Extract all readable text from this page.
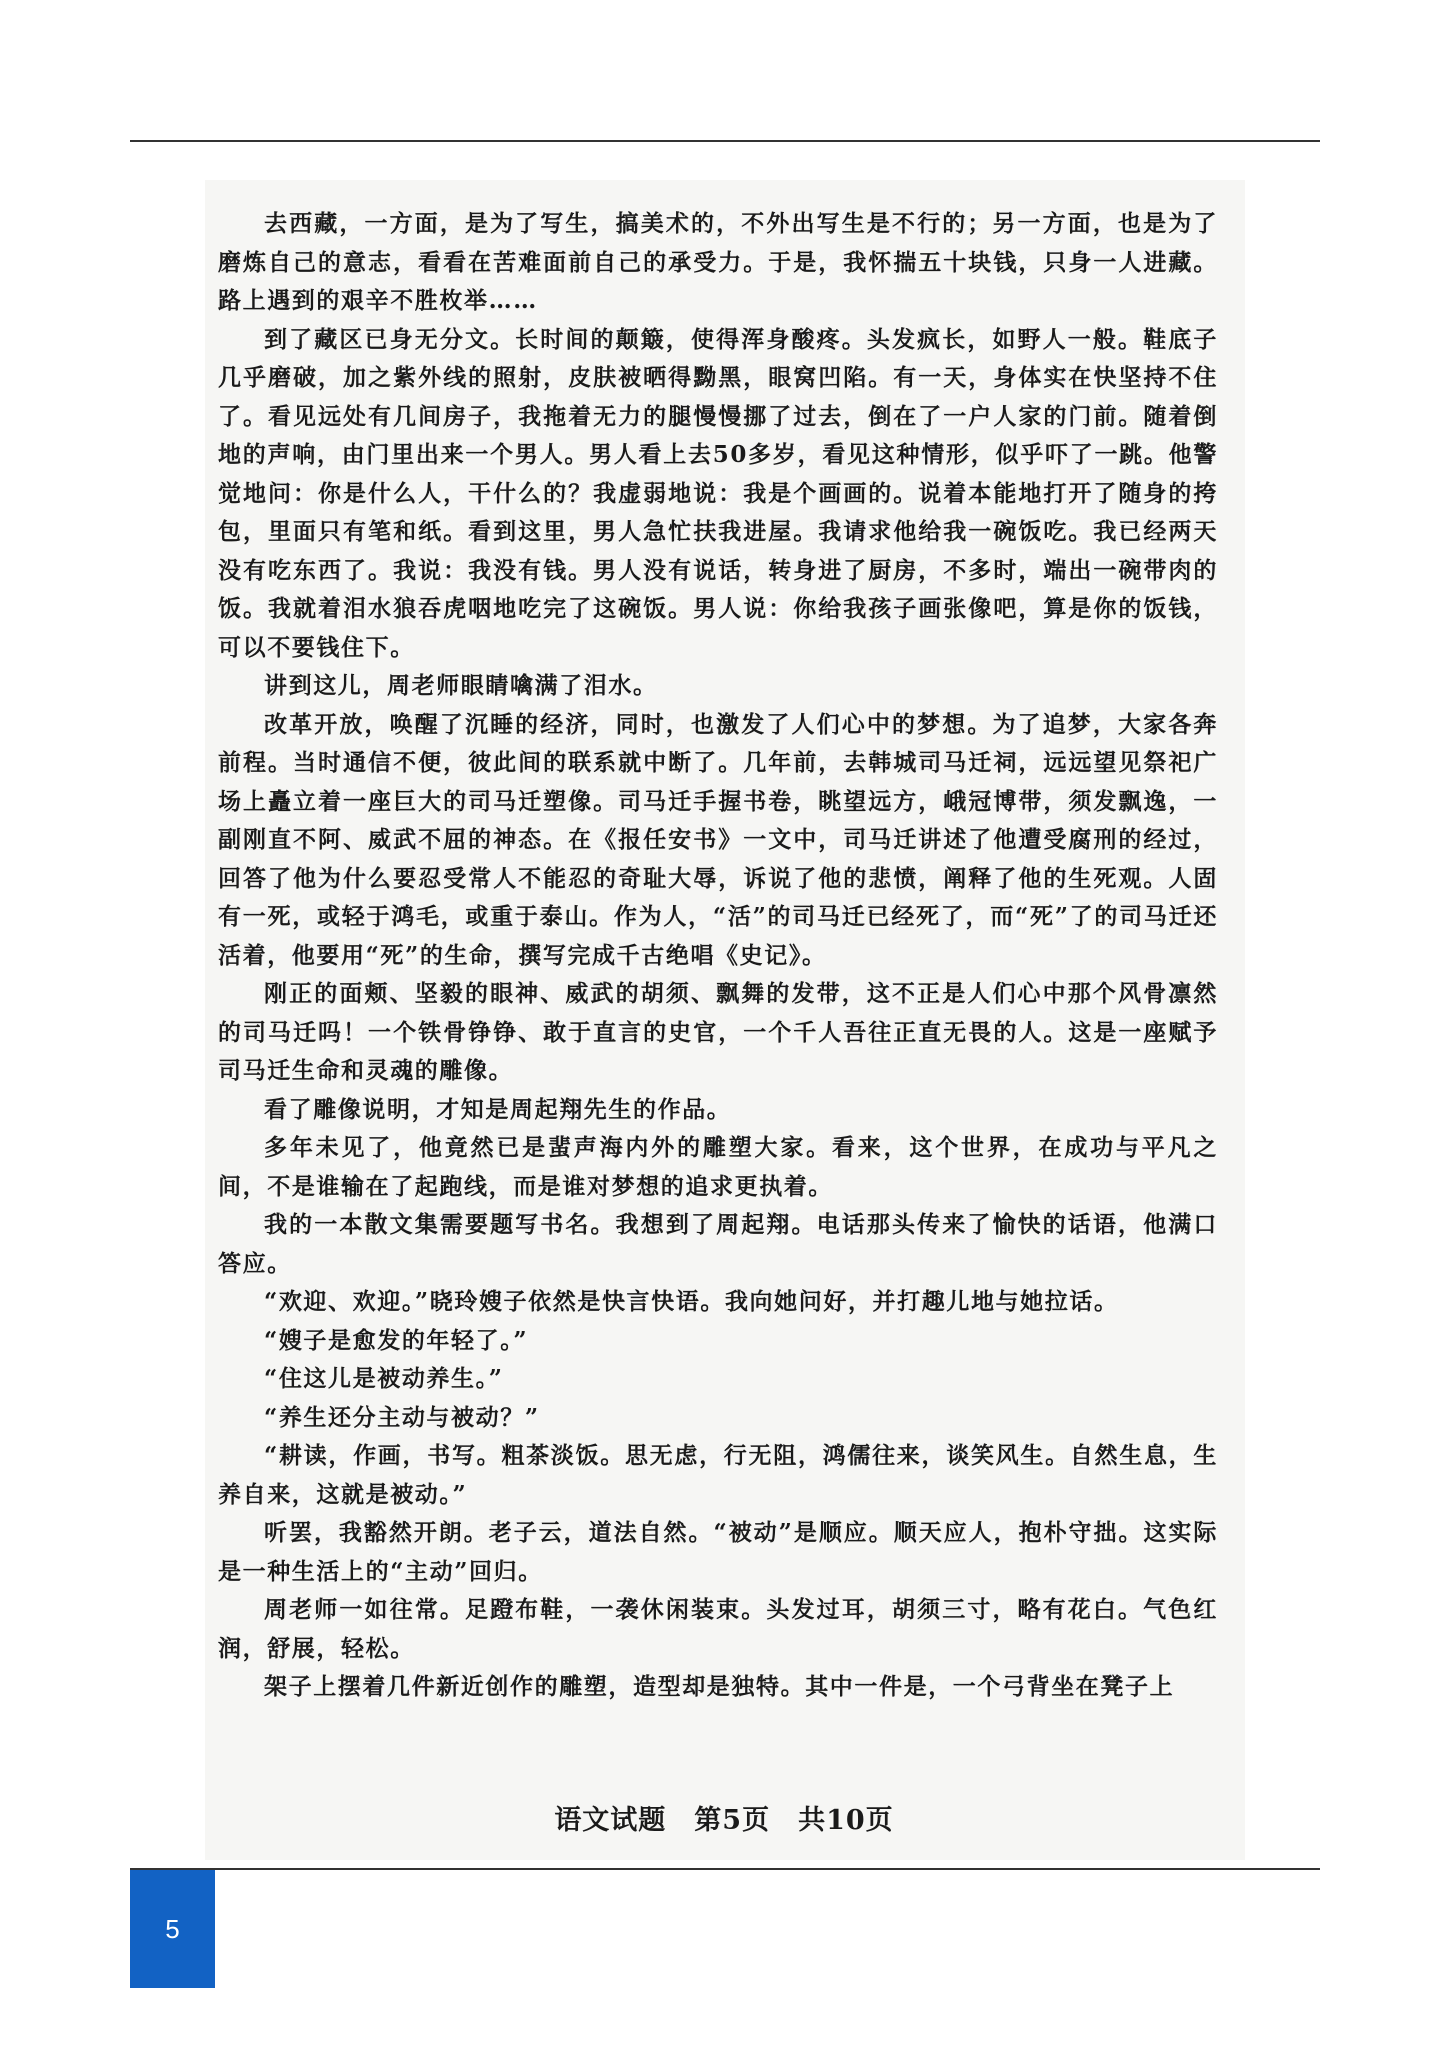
去西藏，一方面，是为了写生，搞美术的，不外出写生是不行的；另一方面，也是为了磨炼自己的意志，看看在苦难面前自己的承受力。于是，我怀揣五十块钱，只身一人进藏。路上遇到的艰辛不胜枚举……

到了藏区已身无分文。长时间的颠簸，使得浑身酸疼。头发疯长，如野人一般。鞋底子几乎磨破，加之紫外线的照射，皮肤被晒得黝黑，眼窝凹陷。有一天，身体实在快坚持不住了。看见远处有几间房子，我拖着无力的腿慢慢挪了过去，倒在了一户人家的门前。随着倒地的声响，由门里出来一个男人。男人看上去50多岁，看见这种情形，似乎吓了一跳。他警觉地问：你是什么人，干什么的？我虚弱地说：我是个画画的。说着本能地打开了随身的挎包，里面只有笔和纸。看到这里，男人急忙扶我进屋。我请求他给我一碗饭吃。我已经两天没有吃东西了。我说：我没有钱。男人没有说话，转身进了厨房，不多时，端出一碗带肉的饭。我就着泪水狼吞虎咽地吃完了这碗饭。男人说：你给我孩子画张像吧，算是你的饭钱，可以不要钱住下。

讲到这儿，周老师眼睛噙满了泪水。

改革开放，唤醒了沉睡的经济，同时，也激发了人们心中的梦想。为了追梦，大家各奔前程。当时通信不便，彼此间的联系就中断了。几年前，去韩城司马迁祠，远远望见祭祀广场上矗立着一座巨大的司马迁塑像。司马迁手握书卷，眺望远方，峨冠博带，须发飘逸，一副刚直不阿、威武不屈的神态。在《报任安书》一文中，司马迁讲述了他遭受腐刑的经过，回答了他为什么要忍受常人不能忍的奇耻大辱，诉说了他的悲愤，阐释了他的生死观。人固有一死，或轻于鸿毛，或重于泰山。作为人，“活”的司马迁已经死了，而“死”了的司马迁还活着，他要用“死”的生命，撰写完成千古绝唱《史记》。

刚正的面颊、坚毅的眼神、威武的胡须、飘舞的发带，这不正是人们心中那个风骨凛然的司马迁吗！一个铁骨铮铮、敢于直言的史官，一个千人吾往正直无畏的人。这是一座赋予司马迁生命和灵魂的雕像。

看了雕像说明，才知是周起翔先生的作品。

多年未见了，他竟然已是蜚声海内外的雕塑大家。看来，这个世界，在成功与平凡之间，不是谁输在了起跑线，而是谁对梦想的追求更执着。

我的一本散文集需要题写书名。我想到了周起翔。电话那头传来了愉快的话语，他满口答应。

“欢迎、欢迎。”晓玲嫂子依然是快言快语。我向她问好，并打趣儿地与她拉话。

“嫂子是愈发的年轻了。”

“住这儿是被动养生。”

“养生还分主动与被动？”

“耕读，作画，书写。粗茶淡饭。思无虑，行无阻，鸿儒往来，谈笑风生。自然生息，生养自来，这就是被动。”

听罢，我豁然开朗。老子云，道法自然。“被动”是顺应。顺天应人，抱朴守拙。这实际是一种生活上的“主动”回归。

周老师一如往常。足蹬布鞋，一袭休闲装束。头发过耳，胡须三寸，略有花白。气色红润，舒展，轻松。

架子上摆着几件新近创作的雕塑，造型却是独特。其中一件是，一个弓背坐在凳子上

语文试题　第5页　共10页
5
